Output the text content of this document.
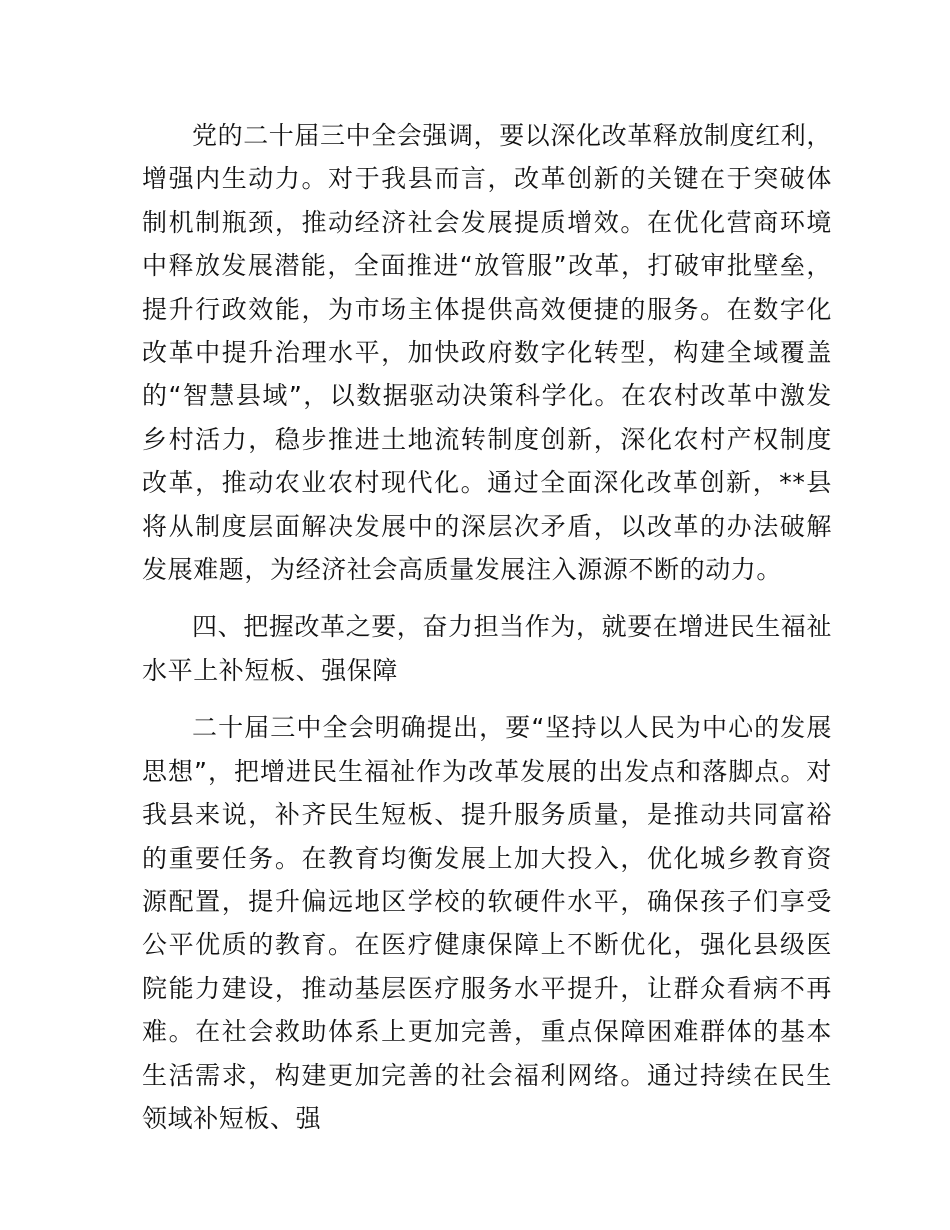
党的二十届三中全会强调，要以深化改革释放制度红利，增强内生动力。对于我县而言，改革创新的关键在于突破体制机制瓶颈，推动经济社会发展提质增效。在优化营商环境中释放发展潜能，全面推进“放管服”改革，打破审批壁垒，提升行政效能，为市场主体提供高效便捷的服务。在数字化改革中提升治理水平，加快政府数字化转型，构建全域覆盖的“智慧县域”，以数据驱动决策科学化。在农村改革中激发乡村活力，稳步推进土地流转制度创新，深化农村产权制度改革，推动农业农村现代化。通过全面深化改革创新，**县将从制度层面解决发展中的深层次矛盾，以改革的办法破解发展难题，为经济社会高质量发展注入源源不断的动力。

四、把握改革之要，奋力担当作为，就要在增进民生福祉水平上补短板、强保障

二十届三中全会明确提出，要“坚持以人民为中心的发展思想”，把增进民生福祉作为改革发展的出发点和落脚点。对我县来说，补齐民生短板、提升服务质量，是推动共同富裕的重要任务。在教育均衡发展上加大投入，优化城乡教育资源配置，提升偏远地区学校的软硬件水平，确保孩子们享受公平优质的教育。在医疗健康保障上不断优化，强化县级医院能力建设，推动基层医疗服务水平提升，让群众看病不再难。在社会救助体系上更加完善，重点保障困难群体的基本生活需求，构建更加完善的社会福利网络。通过持续在民生领域补短板、强
